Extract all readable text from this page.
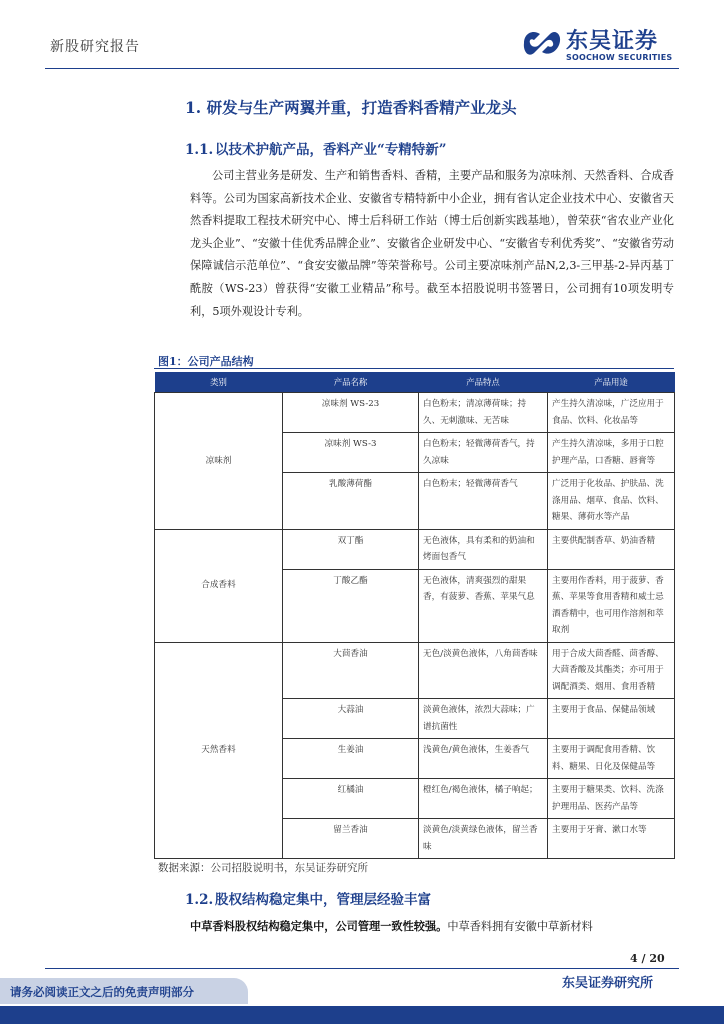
新股研究报告	东吴证券
SOOCHOW SECURITIES
1. 研发与生产两翼并重，打造香料香精产业龙头
1.1. 以技术护航产品，香料产业“专精特新”
公司主营业务是研发、生产和销售香料、香精，主要产品和服务为凉味剂、天然香料、合成香料等。公司为国家高新技术企业、安徽省专精特新中小企业，拥有省认定企业技术中心、安徽省天然香料提取工程技术研究中心、博士后科研工作站（博士后创新实践基地），曾荣获“省农业产业化龙头企业”、“安徽十佳优秀品牌企业”、安徽省企业研发中心、“安徽省专利优秀奖”、“安徽省劳动保障诚信示范单位”、“食安安徽品牌”等荣誉称号。公司主要凉味剂产品N,2,3-三甲基-2-异丙基丁酰胺（WS-23）曾获得“安徽工业精品”称号。截至本招股说明书签署日，公司拥有10项发明专利，5项外观设计专利。
图1：公司产品结构
类别	产品名称	产品特点	产品用途
凉味剂	凉味剂 WS-23	白色粉末；清凉薄荷味；持久、无刺激味、无苦味	产生持久清凉味，广泛应用于食品、饮料、化妆品等
	凉味剂 WS-3	白色粉末；轻微薄荷香气，持久凉味	产生持久清凉味，多用于口腔护理产品，口香糖、唇膏等
	乳酸薄荷酯	白色粉末；轻微薄荷香气	广泛用于化妆品、护肤品、洗涤用品、烟草、食品、饮料、糖果、薄荷水等产品
合成香料	双丁酯	无色液体，具有柔和的奶油和烤面包香气	主要供配制香草、奶油香精
	丁酸乙酯	无色液体，清爽强烈的甜果香，有菠萝、香蕉、苹果气息	主要用作香料，用于菠萝、香蕉、苹果等食用香精和威士忌酒香精中，也可用作溶剂和萃取剂
天然香料	大茴香油	无色/淡黄色液体，八角茴香味	用于合成大茴香醛、茴香醇、大茴香酸及其酯类；亦可用于调配酒类、烟用、食用香精
	大蒜油	淡黄色液体，浓烈大蒜味；广谱抗菌性	主要用于食品、保健品领域
	生姜油	浅黄色/黄色液体，生姜香气	主要用于调配食用香精、饮料、糖果、日化及保健品等
	红橘油	橙红色/褐色液体，橘子响起；	主要用于糖果类、饮料、洗涤护理用品、医药产品等
	留兰香油	淡黄色/淡黄绿色液体，留兰香味	主要用于牙膏、漱口水等
数据来源：公司招股说明书，东吴证券研究所
1.2. 股权结构稳定集中，管理层经验丰富
中草香料股权结构稳定集中，公司管理一致性较强。中草香料拥有安徽中草新材料
4 / 20
请务必阅读正文之后的免责声明部分
东吴证券研究所
